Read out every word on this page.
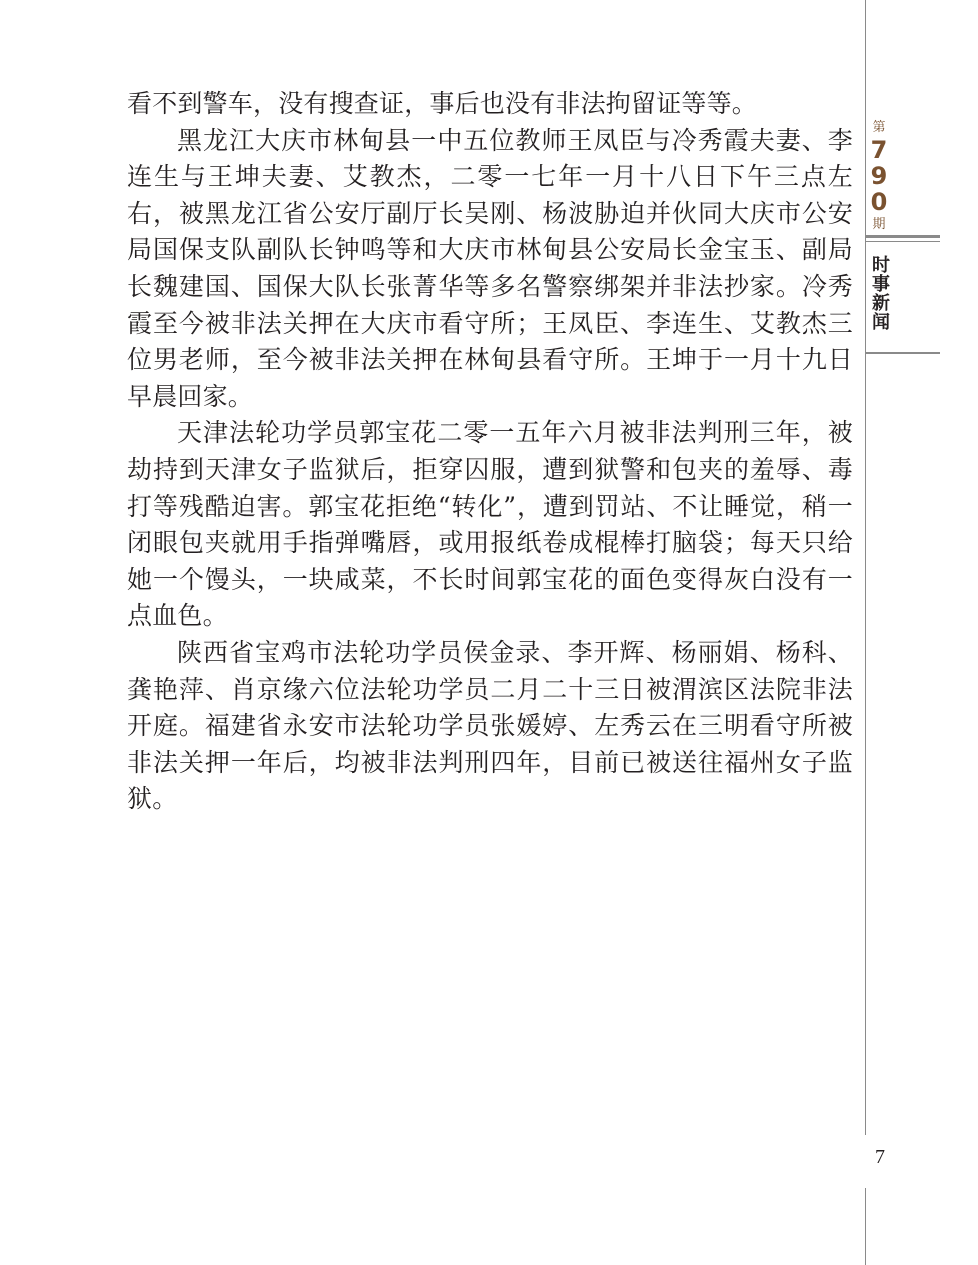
看不到警车，没有搜查证，事后也没有非法拘留证等等。

黑龙江大庆市林甸县一中五位教师王凤臣与冷秀霞夫妻、李连生与王坤夫妻、艾教杰，二零一七年一月十八日下午三点左右，被黑龙江省公安厅副厅长吴刚、杨波胁迫并伙同大庆市公安局国保支队副队长钟鸣等和大庆市林甸县公安局长金宝玉、副局长魏建国、国保大队长张菁华等多名警察绑架并非法抄家。冷秀霞至今被非法关押在大庆市看守所；王凤臣、李连生、艾教杰三位男老师，至今被非法关押在林甸县看守所。王坤于一月十九日早晨回家。

天津法轮功学员郭宝花二零一五年六月被非法判刑三年，被劫持到天津女子监狱后，拒穿囚服，遭到狱警和包夹的羞辱、毒打等残酷迫害。郭宝花拒绝“转化”，遭到罚站、不让睡觉，稍一闭眼包夹就用手指弹嘴唇，或用报纸卷成棍棒打脑袋；每天只给她一个馒头，一块咸菜，不长时间郭宝花的面色变得灰白没有一点血色。

陕西省宝鸡市法轮功学员侯金录、李开辉、杨丽娟、杨科、龚艳萍、肖京缘六位法轮功学员二月二十三日被渭滨区法院非法开庭。福建省永安市法轮功学员张媛婷、左秀云在三明看守所被非法关押一年后，均被非法判刑四年，目前已被送往福州女子监狱。

第
790
期
时事新闻
7
